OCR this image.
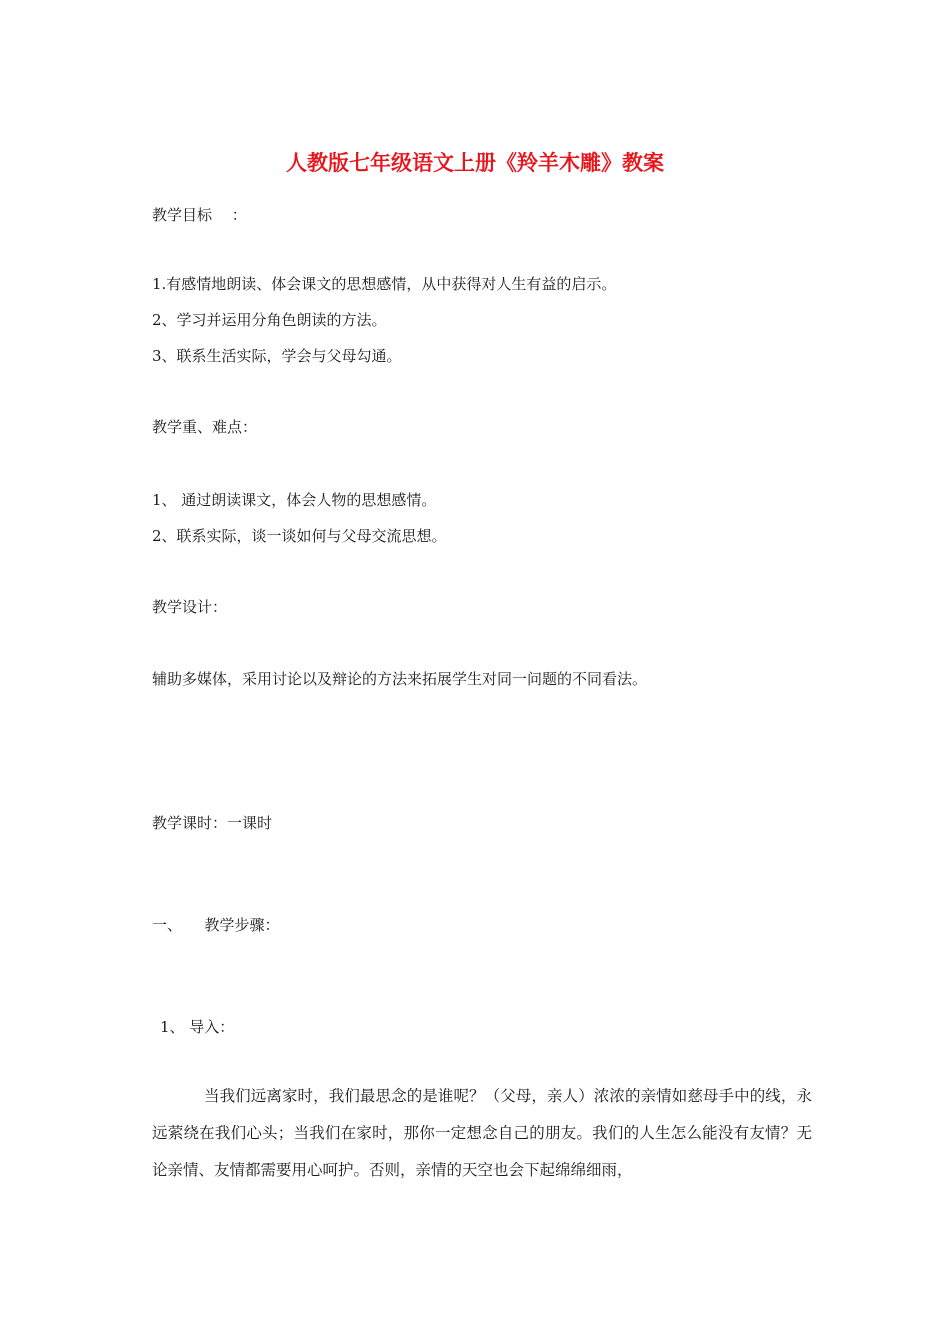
人教版七年级语文上册《羚羊木雕》教案
教学目标　 ：
1.有感情地朗读、体会课文的思想感情，从中获得对人生有益的启示。
2、学习并运用分角色朗读的方法。
3、联系生活实际，学会与父母勾通。
教学重、难点：
1、 通过朗读课文，体会人物的思想感情。
2、联系实际，谈一谈如何与父母交流思想。
教学设计：
辅助多媒体，采用讨论以及辩论的方法来拓展学生对同一问题的不同看法。
教学课时：一课时
一、　　教学步骤：
1、 导入：
当我们远离家时，我们最思念的是谁呢？（父母，亲人）浓浓的亲情如慈母手中的线，永远萦绕在我们心头；当我们在家时，那你一定想念自己的朋友。我们的人生怎么能没有友情？无论亲情、友情都需要用心呵护。否则，亲情的天空也会下起绵绵细雨，
